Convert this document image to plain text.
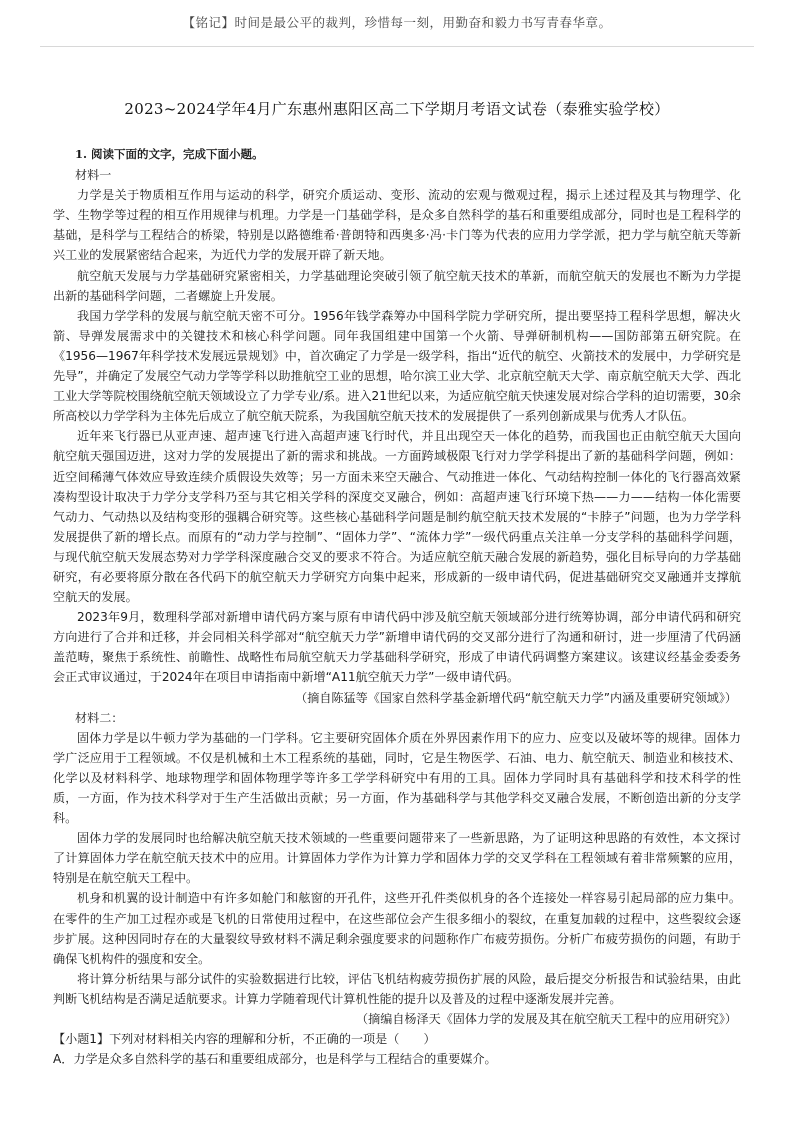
【铭记】时间是最公平的裁判，珍惜每一刻，用勤奋和毅力书写青春华章。
2023~2024学年4月广东惠州惠阳区高二下学期月考语文试卷（泰雅实验学校）

1. 阅读下面的文字，完成下面小题。

材料一

力学是关于物质相互作用与运动的科学，研究介质运动、变形、流动的宏观与微观过程，揭示上述过程及其与物理学、化学、生物学等过程的相互作用规律与机理。力学是一门基础学科，是众多自然科学的基石和重要组成部分，同时也是工程科学的基础，是科学与工程结合的桥梁，特别是以路德维希·普朗特和西奥多·冯·卡门等为代表的应用力学学派，把力学与航空航天等新兴工业的发展紧密结合起来，为近代力学的发展开辟了新天地。

航空航天发展与力学基础研究紧密相关，力学基础理论突破引领了航空航天技术的革新，而航空航天的发展也不断为力学提出新的基础科学问题，二者螺旋上升发展。

我国力学学科的发展与航空航天密不可分。1956年钱学森筹办中国科学院力学研究所，提出要坚持工程科学思想，解决火箭、导弹发展需求中的关键技术和核心科学问题。同年我国组建中国第一个火箭、导弹研制机构——国防部第五研究院。在《1956—1967年科学技术发展远景规划》中，首次确定了力学是一级学科，指出“近代的航空、火箭技术的发展中，力学研究是先导”，并确定了发展空气动力学等学科以助推航空工业的思想，哈尔滨工业大学、北京航空航天大学、南京航空航天大学、西北工业大学等院校围绕航空航天领域设立了力学专业/系。进入21世纪以来，为适应航空航天快速发展对综合学科的迫切需要，30余所高校以力学学科为主体先后成立了航空航天院系，为我国航空航天技术的发展提供了一系列创新成果与优秀人才队伍。

近年来飞行器已从亚声速、超声速飞行进入高超声速飞行时代，并且出现空天一体化的趋势，而我国也正由航空航天大国向航空航天强国迈进，这对力学的发展提出了新的需求和挑战。一方面跨域极限飞行对力学学科提出了新的基础科学问题，例如：近空间稀薄气体效应导致连续介质假设失效等；另一方面未来空天融合、气动推进一体化、气动结构控制一体化的飞行器高效紧凑构型设计取决于力学分支学科乃至与其它相关学科的深度交叉融合，例如：高超声速飞行环境下热——力——结构一体化需要气动力、气动热以及结构变形的强耦合研究等。这些核心基础科学问题是制约航空航天技术发展的“卡脖子”问题，也为力学学科发展提供了新的增长点。而原有的“动力学与控制”、“固体力学”、“流体力学”一级代码重点关注单一分支学科的基础科学问题，与现代航空航天发展态势对力学学科深度融合交叉的要求不符合。为适应航空航天融合发展的新趋势，强化目标导向的力学基础研究，有必要将原分散在各代码下的航空航天力学研究方向集中起来，形成新的一级申请代码，促进基础研究交叉融通并支撑航空航天的发展。

2023年9月，数理科学部对新增申请代码方案与原有申请代码中涉及航空航天领域部分进行统筹协调，部分申请代码和研究方向进行了合并和迁移，并会同相关科学部对“航空航天力学”新增申请代码的交叉部分进行了沟通和研讨，进一步厘清了代码涵盖范畴，聚焦于系统性、前瞻性、战略性布局航空航天力学基础科学研究，形成了申请代码调整方案建议。该建议经基金委委务会正式审议通过，于2024年在项目申请指南中新增“A11航空航天力学”一级申请代码。

（摘自陈猛等《国家自然科学基金新增代码“航空航天力学”内涵及重要研究领域》）

材料二：

固体力学是以牛顿力学为基础的一门学科。它主要研究固体介质在外界因素作用下的应力、应变以及破坏等的规律。固体力学广泛应用于工程领域。不仅是机械和土木工程系统的基础，同时，它是生物医学、石油、电力、航空航天、制造业和核技术、化学以及材料科学、地球物理学和固体物理学等许多工学学科研究中有用的工具。固体力学同时具有基础科学和技术科学的性质，一方面，作为技术科学对于生产生活做出贡献；另一方面，作为基础科学与其他学科交叉融合发展，不断创造出新的分支学科。

固体力学的发展同时也给解决航空航天技术领域的一些重要问题带来了一些新思路，为了证明这种思路的有效性，本文探讨了计算固体力学在航空航天技术中的应用。计算固体力学作为计算力学和固体力学的交叉学科在工程领域有着非常频繁的应用，特别是在航空航天工程中。

机身和机翼的设计制造中有许多如舱门和舷窗的开孔件，这些开孔件类似机身的各个连接处一样容易引起局部的应力集中。在零件的生产加工过程亦或是飞机的日常使用过程中，在这些部位会产生很多细小的裂纹，在重复加载的过程中，这些裂纹会逐步扩展。这种因同时存在的大量裂纹导致材料不满足剩余强度要求的问题称作广布疲劳损伤。分析广布疲劳损伤的问题，有助于确保飞机构件的强度和安全。

将计算分析结果与部分试件的实验数据进行比较，评估飞机结构疲劳损伤扩展的风险，最后提交分析报告和试验结果，由此判断飞机结构是否满足适航要求。计算力学随着现代计算机性能的提升以及普及的过程中逐渐发展并完善。

（摘编自杨泽天《固体力学的发展及其在航空航天工程中的应用研究》）

【小题1】下列对材料相关内容的理解和分析，不正确的一项是（　　）

A．力学是众多自然科学的基石和重要组成部分，也是科学与工程结合的重要媒介。
